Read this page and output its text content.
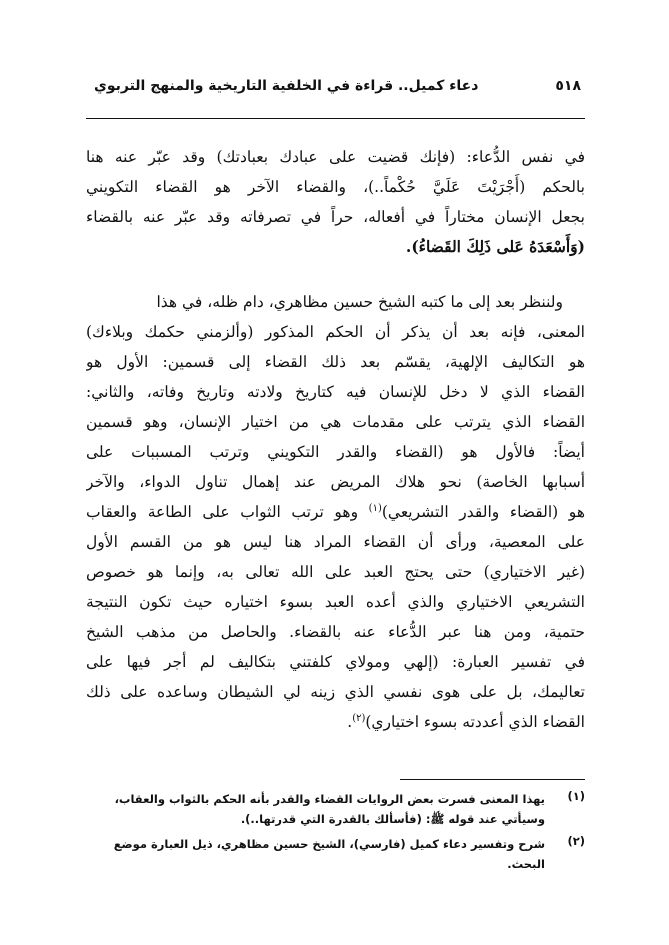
٥١٨
دعاء كميل.. قراءة في الخلفية التاريخية والمنهج التربوي
في نفس الدُّعاء: (فإنك قضيت على عبادك بعبادتك) وقد عبّر عنه هنا
بالحكم (أَجْرَيْتَ عَلَيَّ حُكْماً..)، والقضاء الآخر هو القضاء التكويني
بجعل الإنسان مختاراً في أفعاله، حراً في تصرفاته وقد عبّر عنه بالقضاء
(وَأَسْعَدَهُ عَلى ذَلِكَ القَضاءُ).
ولننظر بعد إلى ما كتبه الشيخ حسين مظاهري، دام ظله، في هذا
المعنى، فإنه بعد أن يذكر أن الحكم المذكور (وألزمني حكمك وبلاءك)
هو التكاليف الإلهية، يقسّم بعد ذلك القضاء إلى قسمين: الأول هو
القضاء الذي لا دخل للإنسان فيه كتاريخ ولادته وتاريخ وفاته، والثاني:
القضاء الذي يترتب على مقدمات هي من اختيار الإنسان، وهو قسمين
أيضاً: فالأول هو (القضاء والقدر التكويني وترتب المسببات على
أسبابها الخاصة) نحو هلاك المريض عند إهمال تناول الدواء، والآخر
هو (القضاء والقدر التشريعي)$^{(١)}$ وهو ترتب الثواب على الطاعة والعقاب
على المعصية، ورأى أن القضاء المراد هنا ليس هو من القسم الأول
(غير الاختياري) حتى يحتج العبد على الله تعالى به، وإنما هو خصوص
التشريعي الاختياري والذي أعده العبد بسوء اختياره حيث تكون النتيجة
حتمية، ومن هنا عبر الدُّعاء عنه بالقضاء. والحاصل من مذهب الشيخ
في تفسير العبارة: (إلهي ومولاي كلفتني بتكاليف لم أجر فيها على
تعاليمك، بل على هوى نفسي الذي زينه لي الشيطان وساعده على ذلك
القضاء الذي أعددته بسوء اختياري)$^{(٢)}$.
(١)
يهذا المعنى فسرت بعض الروايات القضاء والقدر بأنه الحكم بالثواب والعقاب،
وسيأتي عند قوله ﷺ: (فأسألك بالقدرة التي قدرتها..).
(٢)
شرح وتفسير دعاء كميل (فارسي)، الشيخ حسين مظاهري، ذيل العبارة موضع
البحث.
